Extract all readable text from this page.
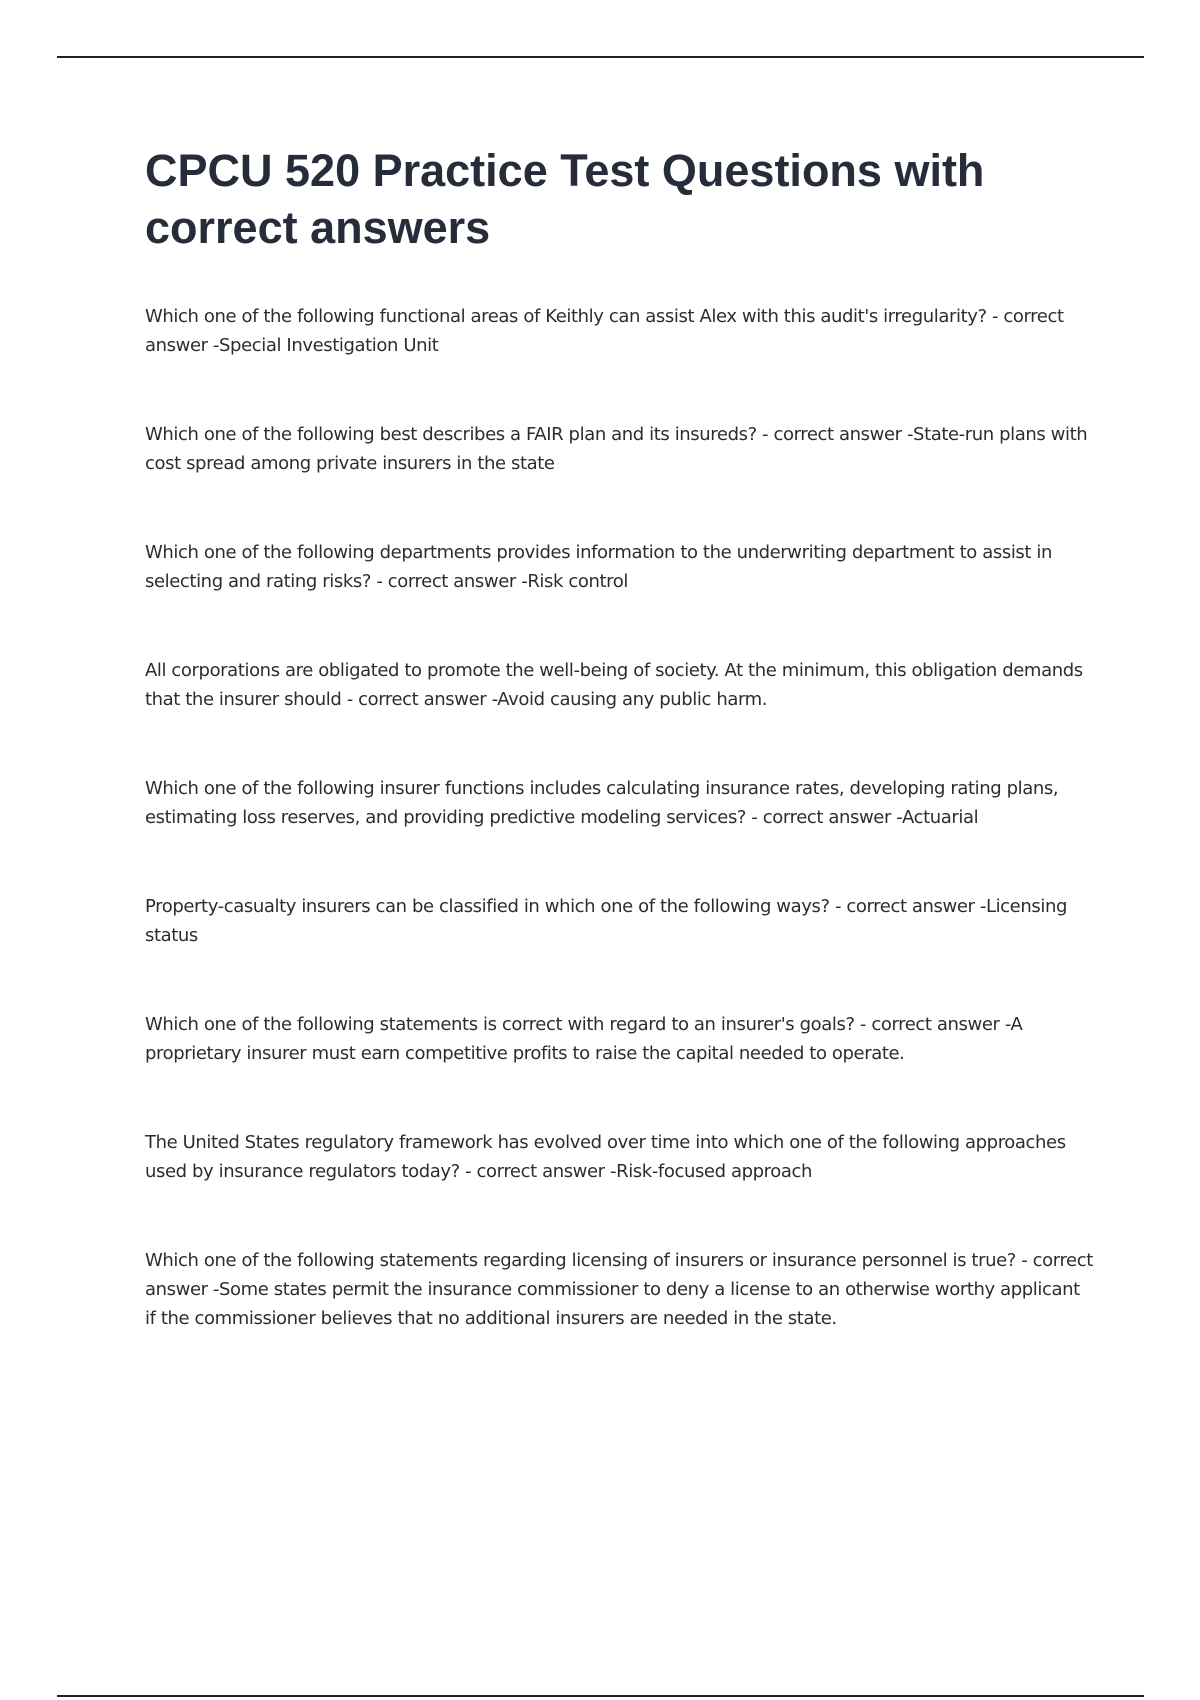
CPCU 520 Practice Test Questions with correct answers

Which one of the following functional areas of Keithly can assist Alex with this audit's irregularity? - correct answer -Special Investigation Unit

Which one of the following best describes a FAIR plan and its insureds? - correct answer -State-run plans with cost spread among private insurers in the state

Which one of the following departments provides information to the underwriting department to assist in selecting and rating risks? - correct answer -Risk control

All corporations are obligated to promote the well-being of society. At the minimum, this obligation demands that the insurer should - correct answer -Avoid causing any public harm.

Which one of the following insurer functions includes calculating insurance rates, developing rating plans, estimating loss reserves, and providing predictive modeling services? - correct answer -Actuarial

Property-casualty insurers can be classified in which one of the following ways? - correct answer -Licensing status

Which one of the following statements is correct with regard to an insurer's goals? - correct answer -A proprietary insurer must earn competitive profits to raise the capital needed to operate.

The United States regulatory framework has evolved over time into which one of the following approaches used by insurance regulators today? - correct answer -Risk-focused approach

Which one of the following statements regarding licensing of insurers or insurance personnel is true? - correct answer -Some states permit the insurance commissioner to deny a license to an otherwise worthy applicant if the commissioner believes that no additional insurers are needed in the state.
